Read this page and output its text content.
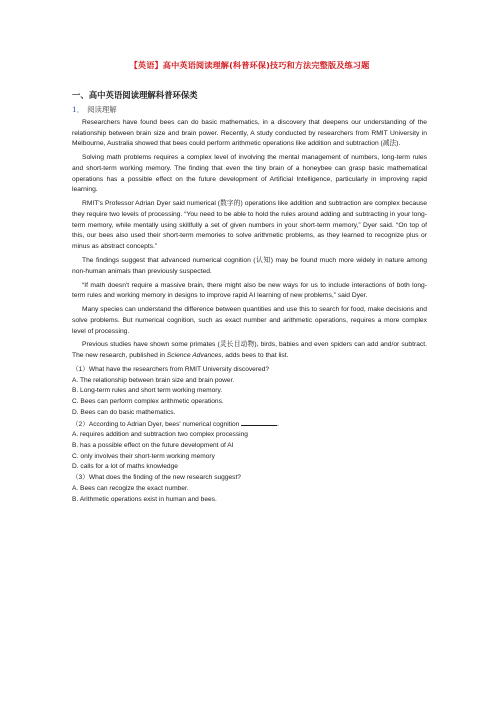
【英语】高中英语阅读理解(科普环保)技巧和方法完整版及练习题
一、高中英语阅读理解科普环保类
1． 阅读理解

Researchers have found bees can do basic mathematics, in a discovery that deepens our understanding of the relationship between brain size and brain power. Recently, A study conducted by researchers from RMIT University in Melbourne, Australia showed that bees could perform arithmetic operations like addition and subtraction (减法).

Solving math problems requires a complex level of involving the mental management of numbers, long-term rules and short-term working memory. The finding that even the tiny brain of a honeybee can grasp basic mathematical operations has a possible effect on the future development of Artificial Intelligence, particularly in improving rapid learning.

RMIT's Professor Adrian Dyer said numerical (数字的) operations like addition and subtraction are complex because they require two levels of processing. “You need to be able to hold the rules around adding and subtracting in your long-term memory, while mentally using skillfully a set of given numbers in your short-term memory,” Dyer said. “On top of this, our bees also used their short-term memories to solve arithmetic problems, as they learned to recognize plus or minus as abstract concepts.”

The findings suggest that advanced numerical cognition (认知) may be found much more widely in nature among non-human animals than previously suspected.

“If math doesn't require a massive brain, there might also be new ways for us to include interactions of both long-term rules and working memory in designs to improve rapid AI learning of new problems,” said Dyer.

Many species can understand the difference between quantities and use this to search for food, make decisions and solve problems. But numerical cognition, such as exact number and arithmetic operations, requires a more complex level of processing.

Previous studies have shown some primates (灵长目动物), birds, babies and even spiders can add and/or subtract. The new research, published in Science Advances, adds bees to that list.

（1）What have the researchers from RMIT University discovered?

A. The relationship between brain size and brain power.

B. Long-term rules and short term working memory.

C. Bees can perform complex arithmetic operations.

D. Bees can do basic mathematics.

（2）According to Adrian Dyer, bees' numerical cognition	.

A. requires addition and subtraction two complex processing

B. has a possible effect on the future development of AI

C. only involves their short-term working memory

D. calls for a lot of maths knowledge

（3）What does the finding of the new research suggest?

A. Bees can recogize the exact number.

B. Arithmetic operations exist in human and bees.
